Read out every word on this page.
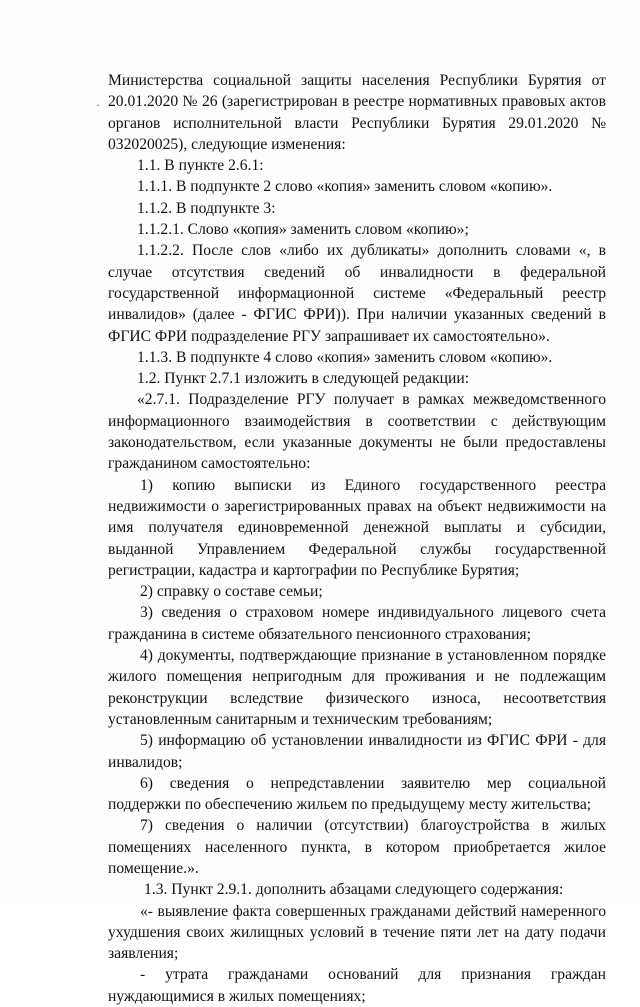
·

Министерства социальной защиты населения Республики Бурятия от 20.01.2020 № 26 (зарегистрирован в реестре нормативных правовых актов органов исполнительной власти Республики Бурятия 29.01.2020 № 032020025), следующие изменения:

1.1. В пункте 2.6.1:

1.1.1. В подпункте 2 слово «копия» заменить словом «копию».

1.1.2. В подпункте 3:

1.1.2.1. Слово «копия» заменить словом «копию»;

1.1.2.2. После слов «либо их дубликаты» дополнить словами «, в случае отсутствия сведений об инвалидности в федеральной государственной информационной системе «Федеральный реестр инвалидов» (далее - ФГИС ФРИ)). При наличии указанных сведений в ФГИС ФРИ подразделение РГУ запрашивает их самостоятельно».

1.1.3. В подпункте 4 слово «копия» заменить словом «копию».

1.2. Пункт 2.7.1 изложить в следующей редакции:

«2.7.1. Подразделение РГУ получает в рамках межведомственного информационного взаимодействия в соответствии с действующим законодательством, если указанные документы не были предоставлены гражданином самостоятельно:

1) копию выписки из Единого государственного реестра недвижимости о зарегистрированных правах на объект недвижимости на имя получателя единовременной денежной выплаты и субсидии, выданной Управлением Федеральной службы государственной регистрации, кадастра и картографии по Республике Бурятия;

2) справку о составе семьи;

3) сведения о страховом номере индивидуального лицевого счета гражданина в системе обязательного пенсионного страхования;

4) документы, подтверждающие признание в установленном порядке жилого помещения непригодным для проживания и не подлежащим реконструкции вследствие физического износа, несоответствия установленным санитарным и техническим требованиям;

5) информацию об установлении инвалидности из ФГИС ФРИ - для инвалидов;

6) сведения о непредставлении заявителю мер социальной поддержки по обеспечению жильем по предыдущему месту жительства;

7) сведения о наличии (отсутствии) благоустройства в жилых помещениях населенного пункта, в котором приобретается жилое помещение.».

1.3. Пункт 2.9.1. дополнить абзацами следующего содержания:

«- выявление факта совершенных гражданами действий намеренного ухудшения своих жилищных условий в течение пяти лет на дату подачи заявления;

- утрата гражданами оснований для признания граждан нуждающимися в жилых помещениях;
